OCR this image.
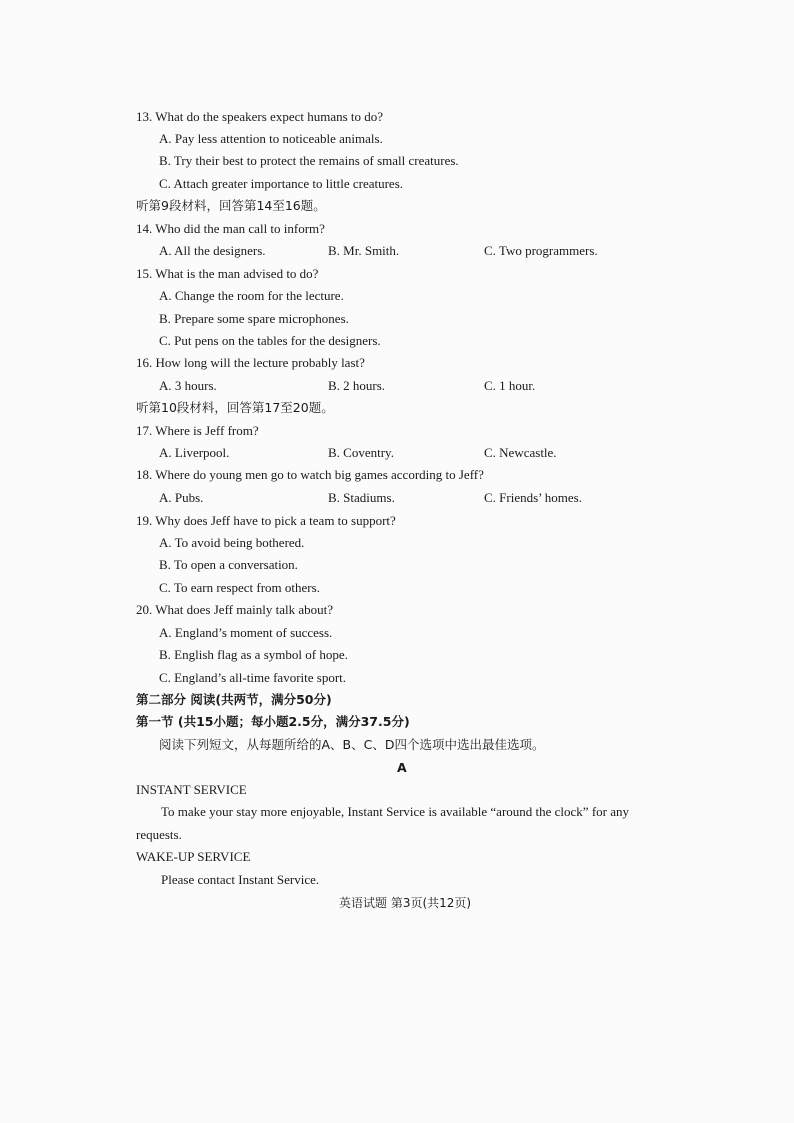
13. What do the speakers expect humans to do?
A. Pay less attention to noticeable animals.
B. Try their best to protect the remains of small creatures.
C. Attach greater importance to little creatures.
听第9段材料，回答第14至16题。
14. Who did the man call to inform?
A. All the designers.	B. Mr. Smith.	C. Two programmers.
15. What is the man advised to do?
A. Change the room for the lecture.
B. Prepare some spare microphones.
C. Put pens on the tables for the designers.
16. How long will the lecture probably last?
A. 3 hours.	B. 2 hours.	C. 1 hour.
听第10段材料，回答第17至20题。
17. Where is Jeff from?
A. Liverpool.	B. Coventry.	C. Newcastle.
18. Where do young men go to watch big games according to Jeff?
A. Pubs.	B. Stadiums.	C. Friends’ homes.
19. Why does Jeff have to pick a team to support?
A. To avoid being bothered.
B. To open a conversation.
C. To earn respect from others.
20. What does Jeff mainly talk about?
A. England’s moment of success.
B. English flag as a symbol of hope.
C. England’s all-time favorite sport.
第二部分 阅读(共两节，满分50分)
第一节 (共15小题；每小题2.5分，满分37.5分)
阅读下列短文，从每题所给的A、B、C、D四个选项中选出最佳选项。
A
INSTANT SERVICE
To make your stay more enjoyable, Instant Service is available “around the clock” for any
requests.
WAKE-UP SERVICE
Please contact Instant Service.
英语试题 第3页(共12页)
